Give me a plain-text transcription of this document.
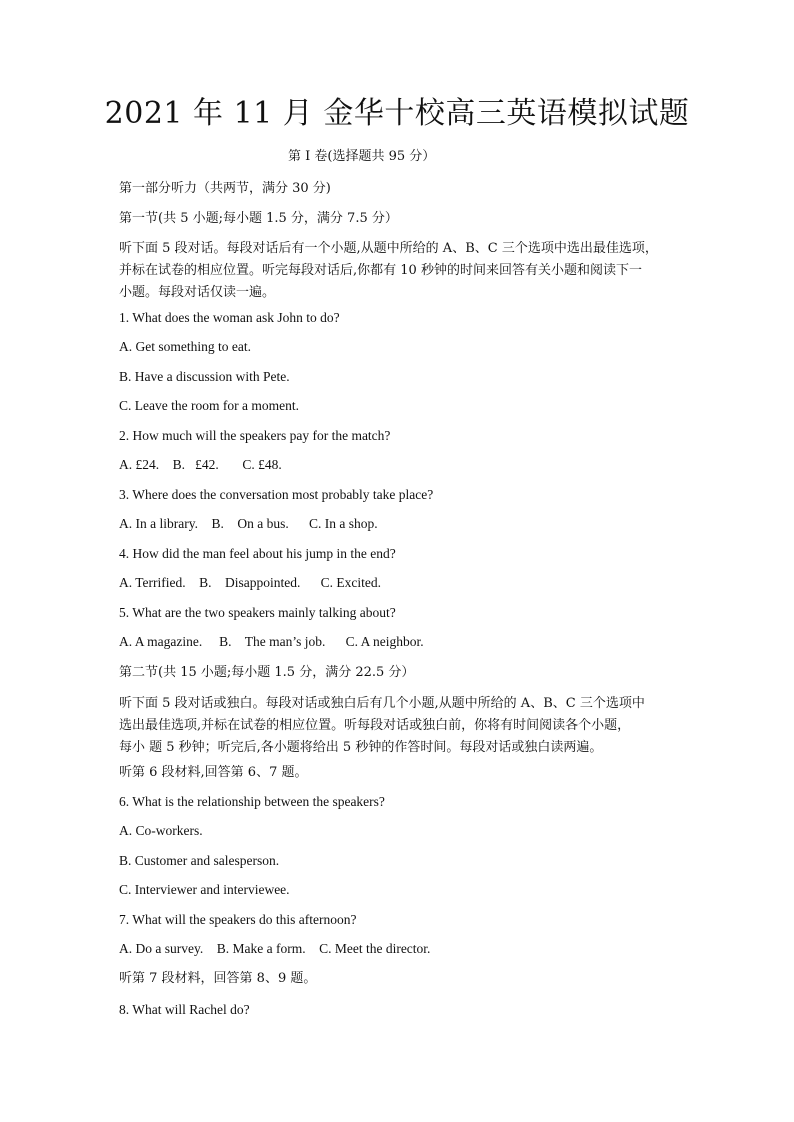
2021 年 11 月 金华十校高三英语模拟试题
第 I 卷(选择题共 95 分）
第一部分听力（共两节，满分 30 分)
第一节(共 5 小题;每小题 1.5 分，满分 7.5 分）
听下面 5 段对话。每段对话后有一个小题,从题中所给的 A、B、C 三个选项中选出最佳选项，
并标在试卷的相应位置。听完每段对话后,你都有 10 秒钟的时间来回答有关小题和阅读下一
小题。每段对话仅读一遍。
1. What does the woman ask John to do?
A. Get something to eat.
B. Have a discussion with Pete.
C. Leave the room for a moment.
2. How much will the speakers pay for the match?
A. £24.    B.   £42.       C. £48.
3. Where does the conversation most probably take place?
A. In a library.    B.    On a bus.      C. In a shop.
4. How did the man feel about his jump in the end?
A. Terrified.    B.    Disappointed.      C. Excited.
5. What are the two speakers mainly talking about?
A. A magazine.     B.    The man’s job.      C. A neighbor.
第二节(共 15 小题;每小题 1.5 分，满分 22.5 分）
听下面 5 段对话或独白。每段对话或独白后有几个小题,从题中所给的 A、B、C 三个选项中
选出最佳选项,并标在试卷的相应位置。听每段对话或独白前，你将有时间阅读各个小题，
每小 题 5 秒钟；听完后,各小题将给出 5 秒钟的作答时间。每段对话或独白读两遍。
听第 6 段材料,回答第 6、7 题。
6. What is the relationship between the speakers?
A. Co-workers.
B. Customer and salesperson.
C. Interviewer and interviewee.
7. What will the speakers do this afternoon?
A. Do a survey.    B. Make a form.    C. Meet the director.
听第 7 段材料，回答第 8、9 题。
8. What will Rachel do?
